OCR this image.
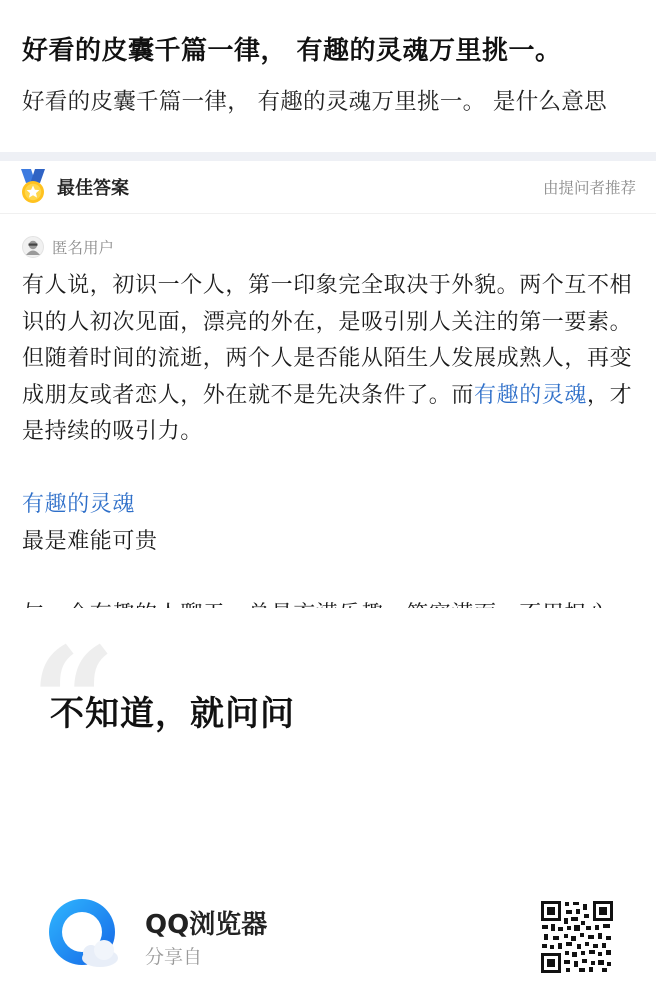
好看的皮囊千篇一律， 有趣的灵魂万里挑一。
好看的皮囊千篇一律， 有趣的灵魂万里挑一。 是什么意思
最佳答案	由提问者推荐
匿名用户

有人说，初识一个人，第一印象完全取决于外貌。两个互不相识的人初次见面，漂亮的外在，是吸引别人关注的第一要素。但随着时间的流逝，两个人是否能从陌生人发展成熟人，再变成朋友或者恋人，外在就不是先决条件了。而有趣的灵魂，才是持续的吸引力。

有趣的灵魂

最是难能可贵

“
不知道，就问问
QQ浏览器
分享自
